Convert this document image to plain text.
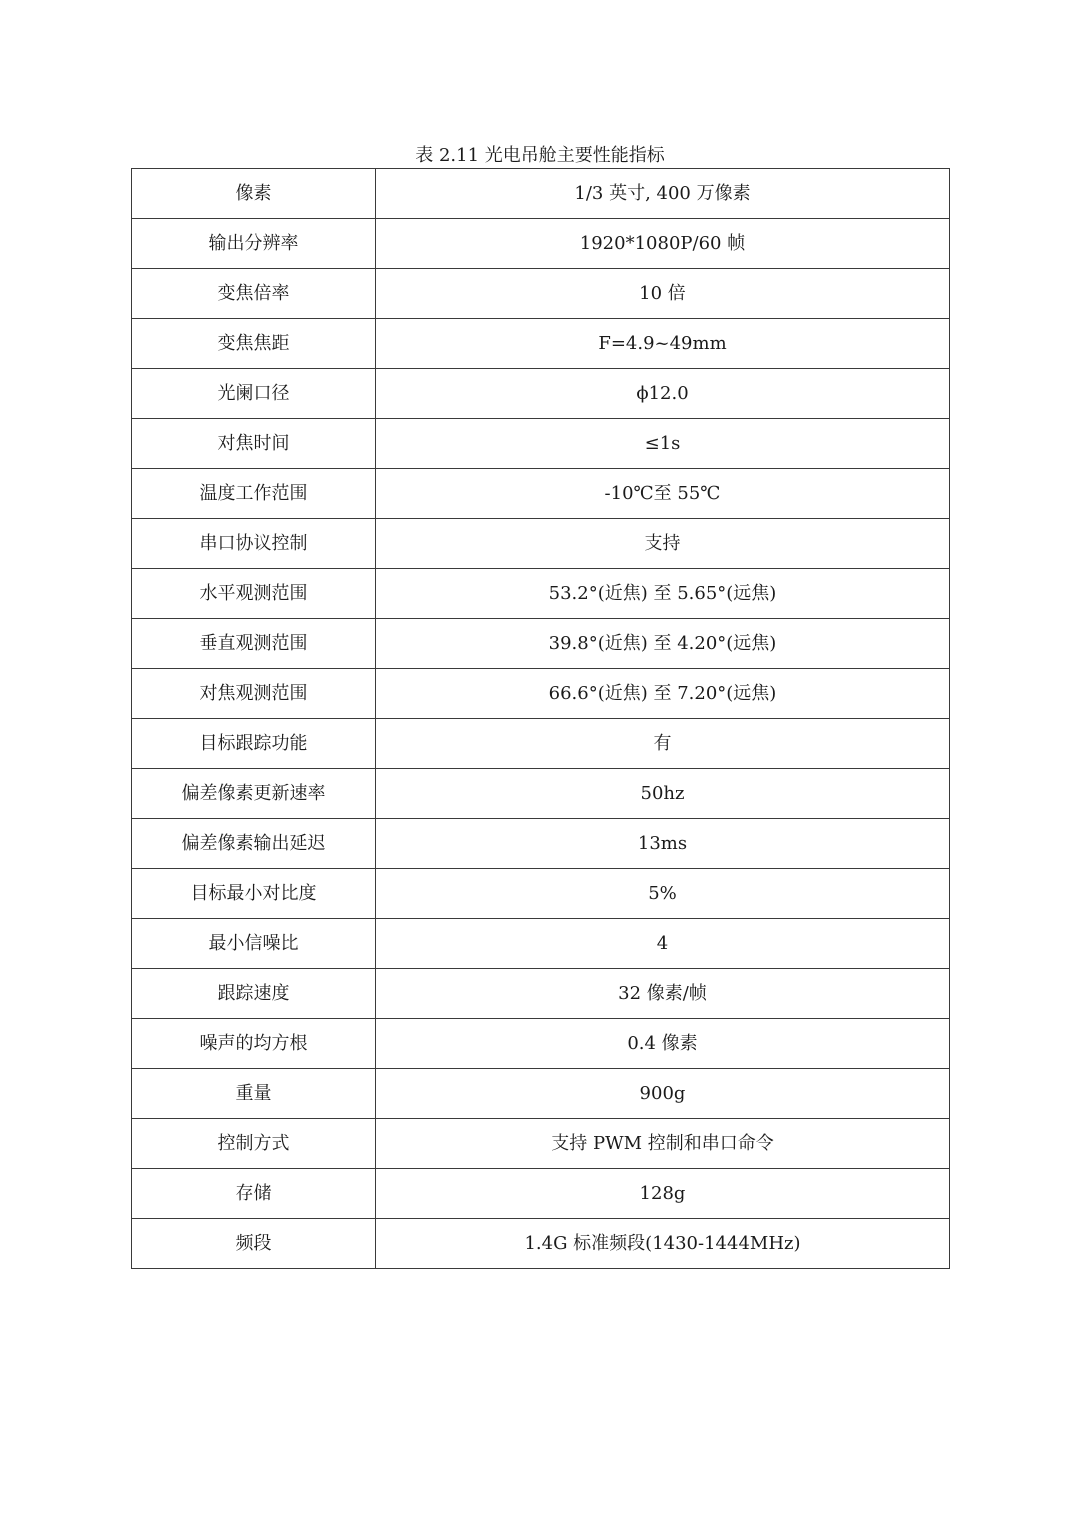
表 2.11 光电吊舱主要性能指标
像素	1/3 英寸, 400 万像素
输出分辨率	1920*1080P/60 帧
变焦倍率	10 倍
变焦焦距	F=4.9~49mm
光阑口径	ϕ12.0
对焦时间	≤1s
温度工作范围	-10℃至 55℃
串口协议控制	支持
水平观测范围	53.2°(近焦) 至 5.65°(远焦)
垂直观测范围	39.8°(近焦) 至 4.20°(远焦)
对焦观测范围	66.6°(近焦) 至 7.20°(远焦)
目标跟踪功能	有
偏差像素更新速率	50hz
偏差像素输出延迟	13ms
目标最小对比度	5%
最小信噪比	4
跟踪速度	32 像素/帧
噪声的均方根	0.4 像素
重量	900g
控制方式	支持 PWM 控制和串口命令
存储	128g
频段	1.4G 标准频段(1430-1444MHz)
